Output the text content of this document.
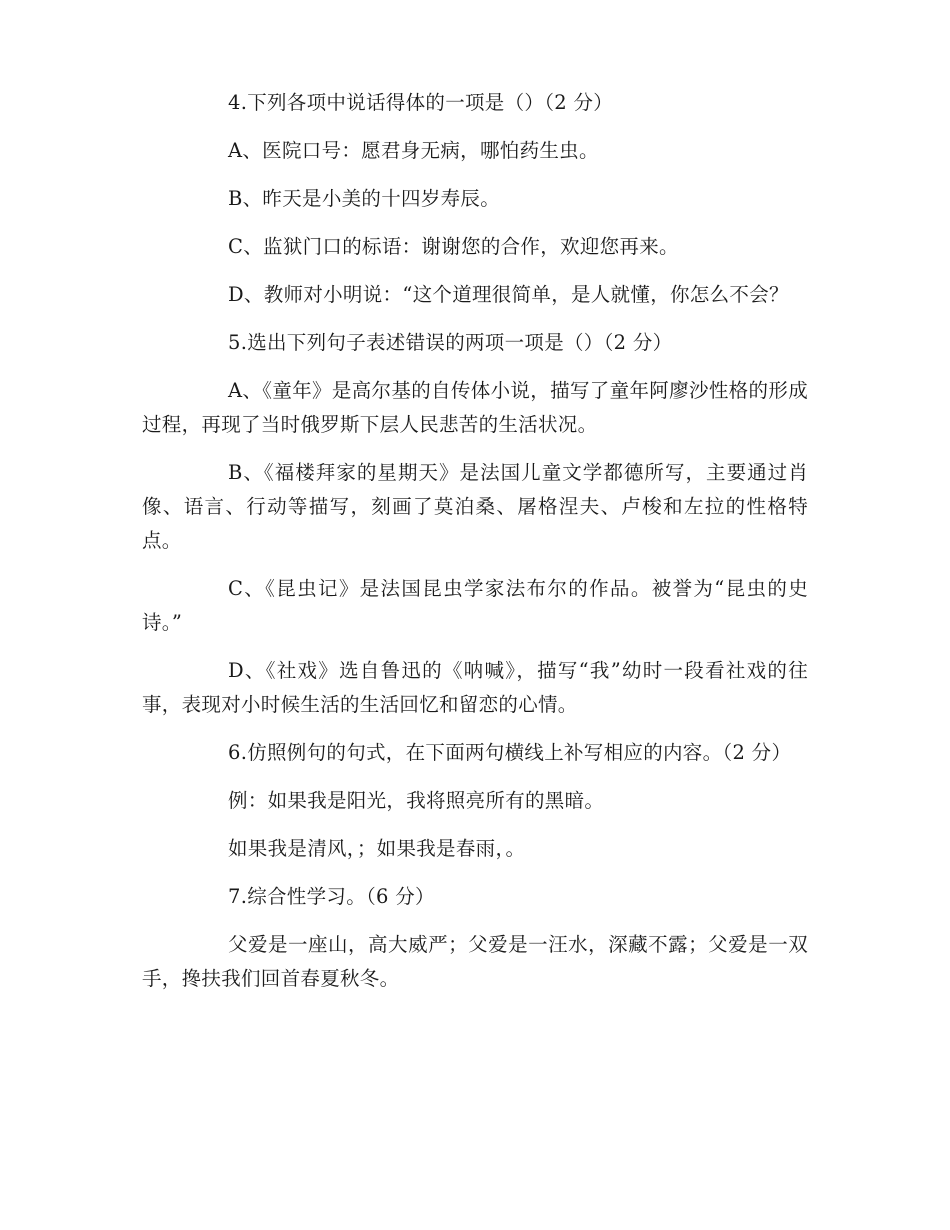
4.下列各项中说话得体的一项是（）（2 分）

A、医院口号：愿君身无病，哪怕药生虫。

B、昨天是小美的十四岁寿辰。

C、监狱门口的标语：谢谢您的合作，欢迎您再来。

D、教师对小明说：“这个道理很简单，是人就懂，你怎么不会？

5.选出下列句子表述错误的两项一项是（）（2 分）

A、《童年》是高尔基的自传体小说，描写了童年阿廖沙性格的形成过程，再现了当时俄罗斯下层人民悲苦的生活状况。

B、《福楼拜家的星期天》是法国儿童文学都德所写，主要通过肖像、语言、行动等描写，刻画了莫泊桑、屠格涅夫、卢梭和左拉的性格特点。

C、《昆虫记》是法国昆虫学家法布尔的作品。被誉为“昆虫的史诗。”

D、《社戏》选自鲁迅的《呐喊》，描写“我”幼时一段看社戏的往事，表现对小时候生活的生活回忆和留恋的心情。

6.仿照例句的句式，在下面两句横线上补写相应的内容。（2 分）

例：如果我是阳光，我将照亮所有的黑暗。

如果我是清风，；如果我是春雨，。

7.综合性学习。（6 分）

父爱是一座山，高大威严；父爱是一汪水，深藏不露；父爱是一双手，搀扶我们回首春夏秋冬。
